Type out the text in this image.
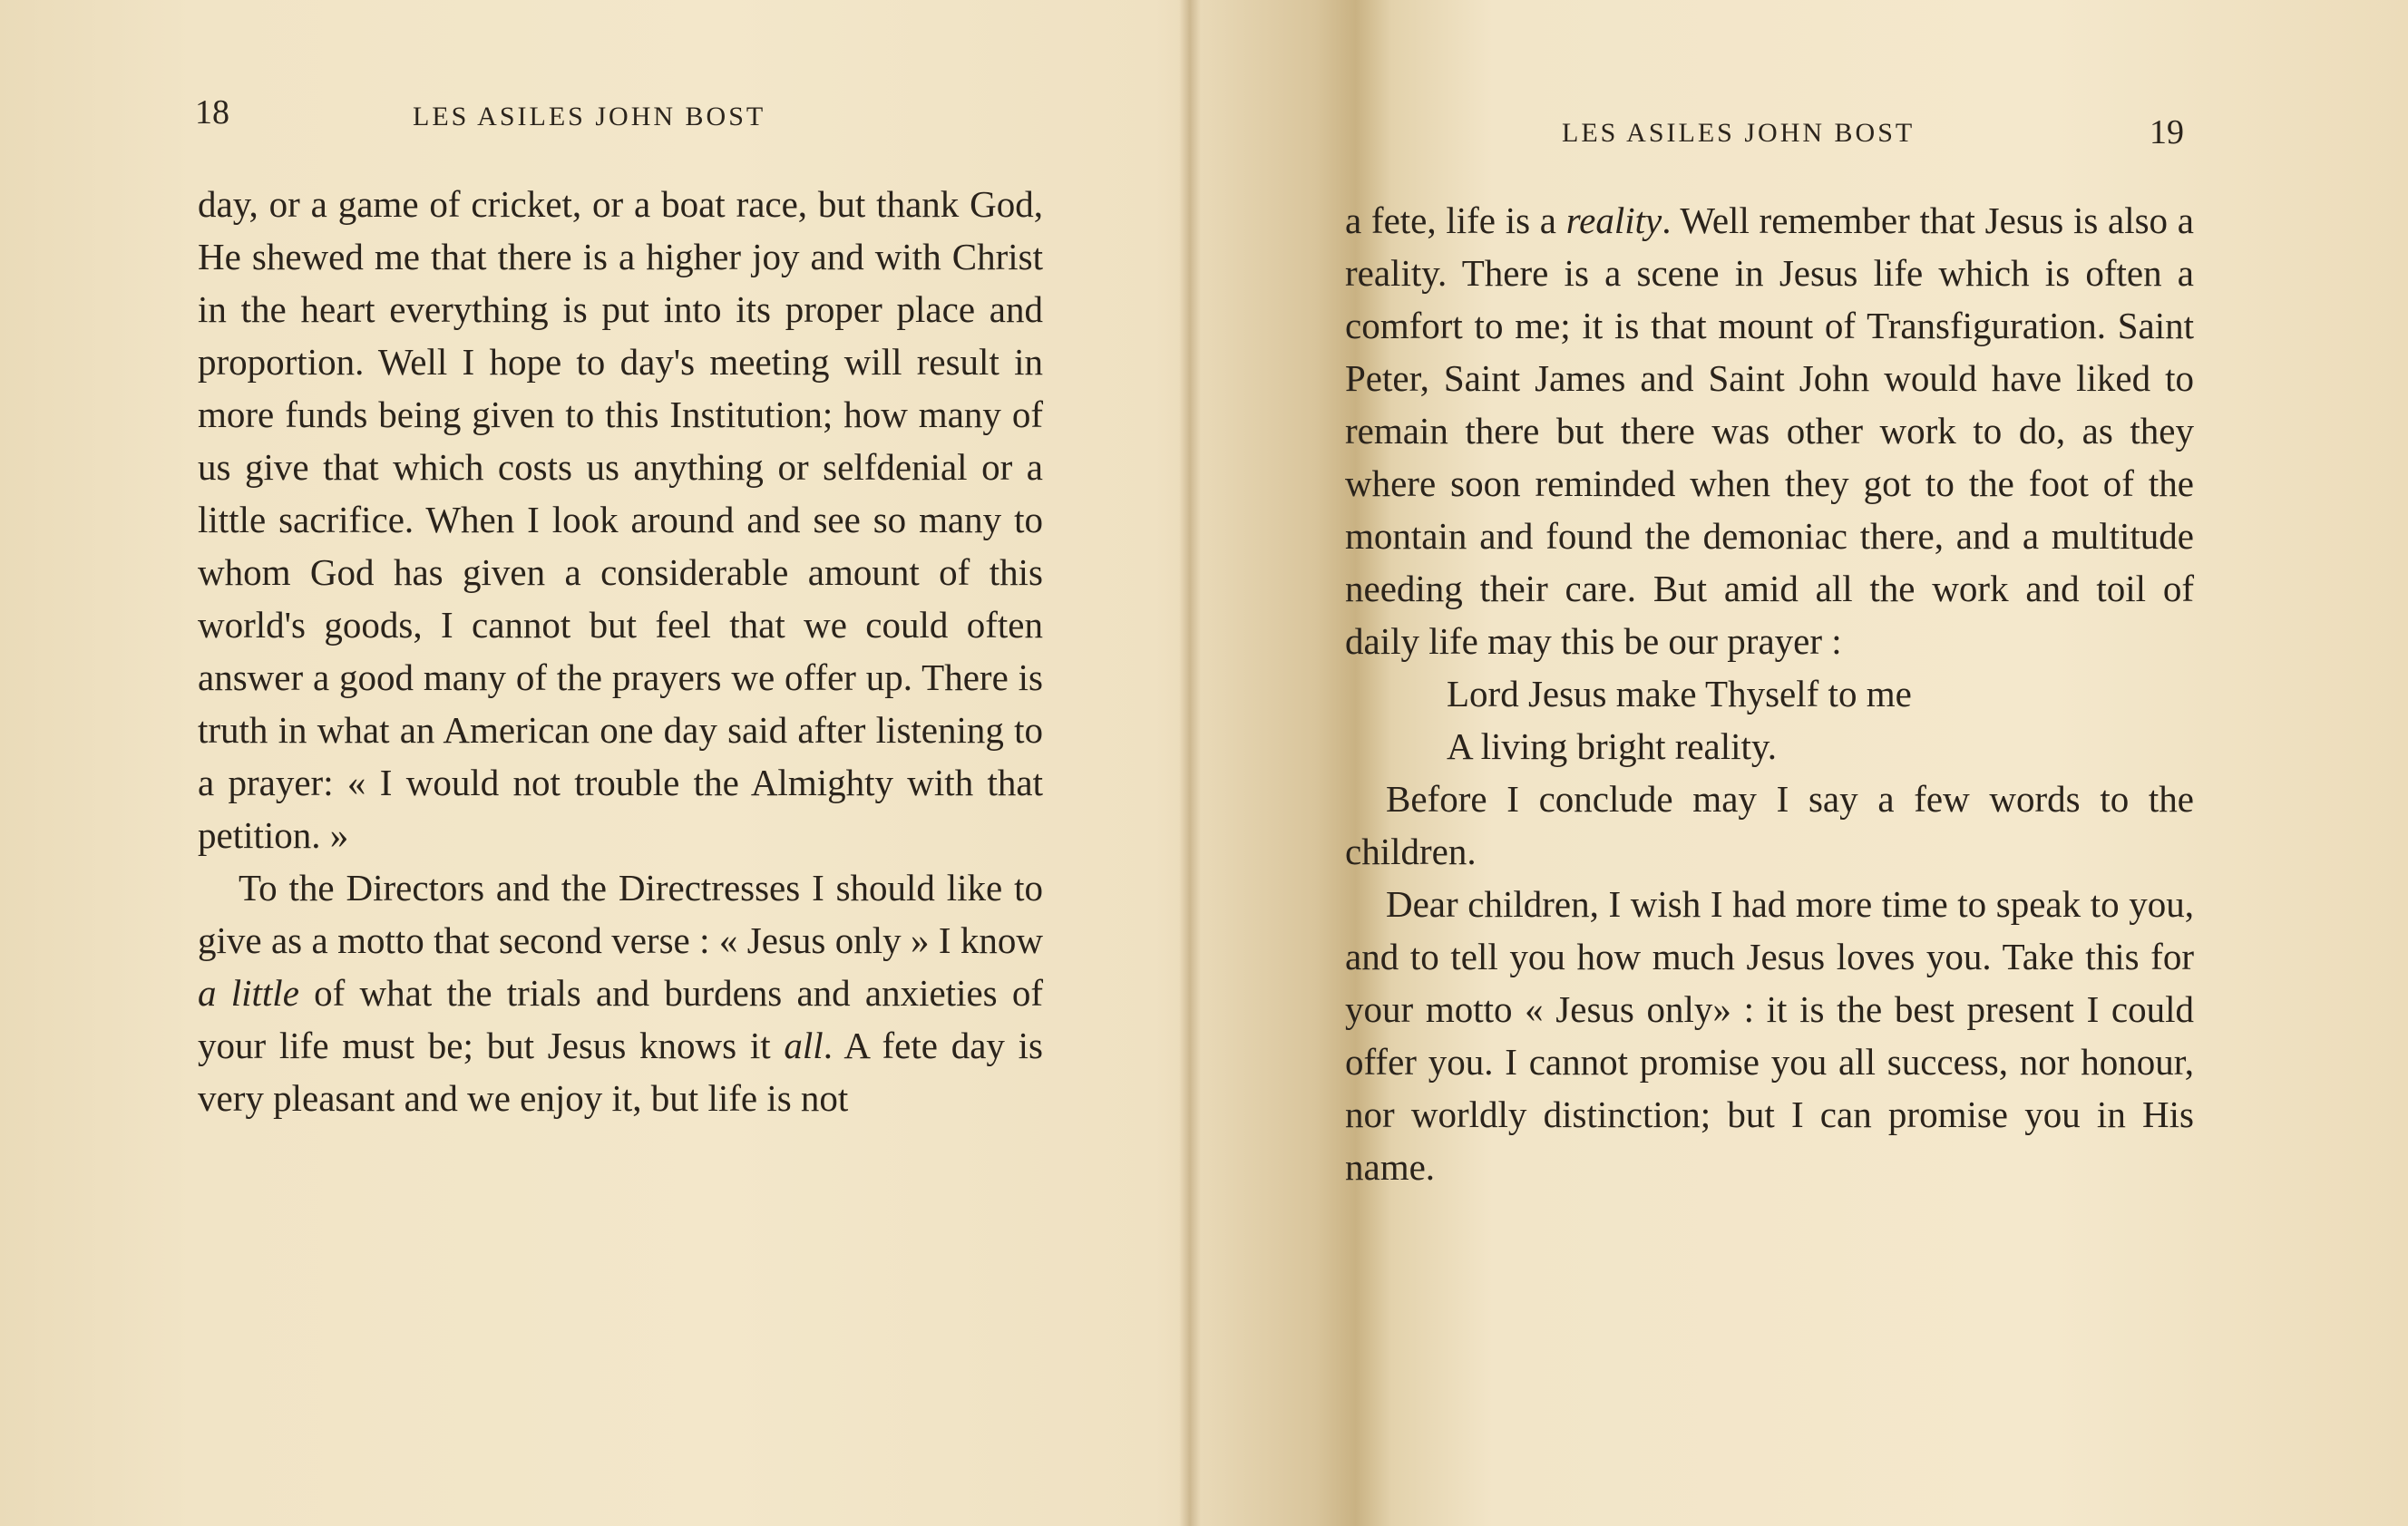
18	LES ASILES JOHN BOST

day, or a game of cricket, or a boat race, but thank God, He shewed me that there is a higher joy and with Christ in the heart everything is put into its proper place and proportion. Well I hope to day's meeting will result in more funds being given to this Institution; how many of us give that which costs us anything or selfdenial or a little sacrifice. When I look around and see so many to whom God has given a considerable amount of this world's goods, I cannot but feel that we could often answer a good many of the prayers we offer up. There is truth in what an American one day said after listening to a prayer: « I would not trouble the Almighty with that petition. »

To the Directors and the Directresses I should like to give as a motto that second verse : « Jesus only » I know a little of what the trials and burdens and anxieties of your life must be; but Jesus knows it all. A fete day is very pleasant and we enjoy it, but life is not

LES ASILES JOHN BOST	19

a fete, life is a reality. Well remember that Jesus is also a reality. There is a scene in Jesus life which is often a comfort to me; it is that mount of Transfiguration. Saint Peter, Saint James and Saint John would have liked to remain there but there was other work to do, as they where soon reminded when they got to the foot of the montain and found the demoniac there, and a multitude needing their care. But amid all the work and toil of daily life may this be our prayer :

Lord Jesus make Thyself to me

A living bright reality.

Before I conclude may I say a few words to the children.

Dear children, I wish I had more time to speak to you, and to tell you how much Jesus loves you. Take this for your motto « Jesus only» : it is the best present I could offer you. I cannot promise you all success, nor honour, nor worldly distinction; but I can promise you in His name.
